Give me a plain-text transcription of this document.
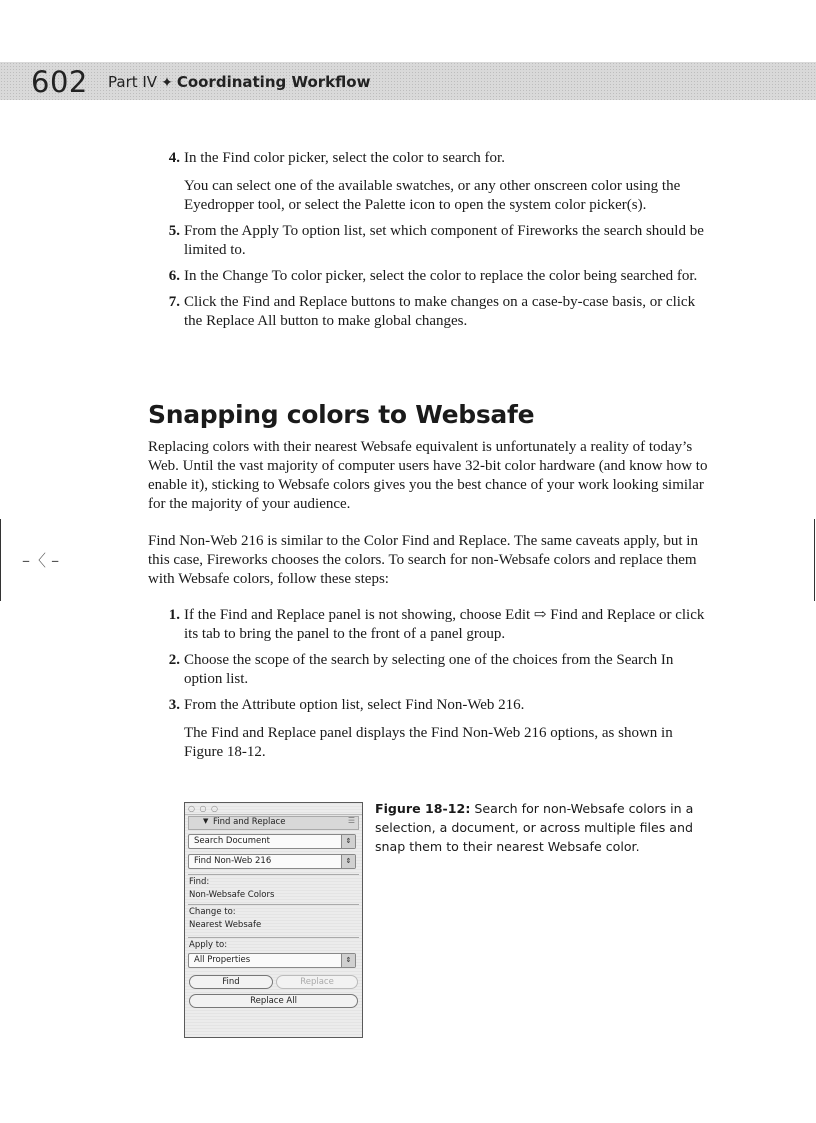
602 Part IV ✦ Coordinating Workflow
4. In the Find color picker, select the color to search for.
You can select one of the available swatches, or any other onscreen color using the Eyedropper tool, or select the Palette icon to open the system color picker(s).
5. From the Apply To option list, set which component of Fireworks the search should be limited to.
6. In the Change To color picker, select the color to replace the color being searched for.
7. Click the Find and Replace buttons to make changes on a case-by-case basis, or click the Replace All button to make global changes.
Snapping colors to Websafe

Replacing colors with their nearest Websafe equivalent is unfortunately a reality of today’s Web. Until the vast majority of computer users have 32-bit color hardware (and know how to enable it), sticking to Websafe colors gives you the best chance of your work looking similar for the majority of your audience.

–〈 –

Find Non-Web 216 is similar to the Color Find and Replace. The same caveats apply, but in this case, Fireworks chooses the colors. To search for non-Websafe colors and replace them with Websafe colors, follow these steps:

1. If the Find and Replace panel is not showing, choose Edit ⇨ Find and Replace or click its tab to bring the panel to the front of a panel group.
2. Choose the scope of the search by selecting one of the choices from the Search In option list.
3. From the Attribute option list, select Find Non-Web 216.
The Find and Replace panel displays the Find Non-Web 216 options, as shown in Figure 18-12.
○ ○ ○
▼ Find and Replace	☰
Search Document	⇕
Find Non-Web 216	⇕
Find:
Non-Websafe Colors
Change to:
Nearest Websafe
Apply to:
All Properties	⇕
Find	Replace
Replace All
Figure 18-12: Search for non-Websafe colors in a selection, a document, or across multiple files and snap them to their nearest Websafe color.
